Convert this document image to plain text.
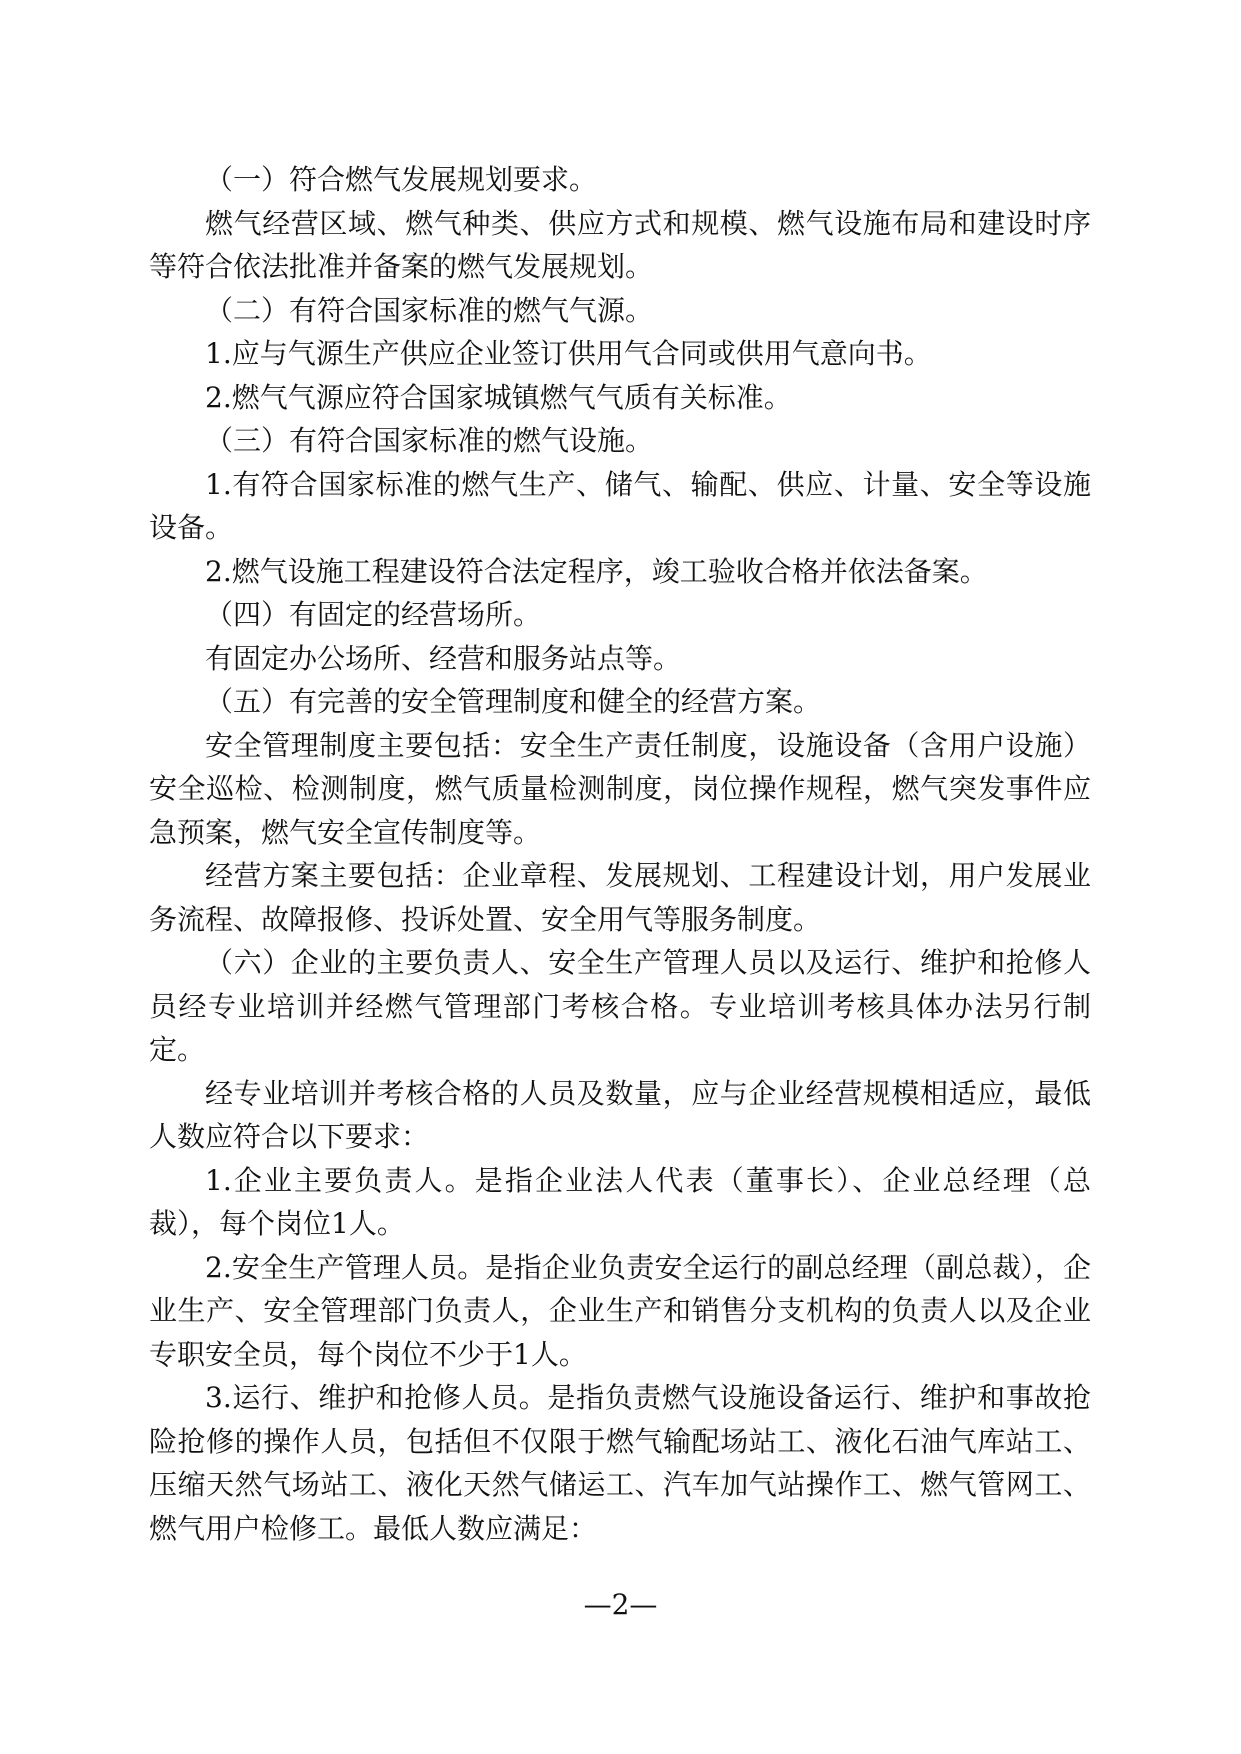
（一）符合燃气发展规划要求。

燃气经营区域、燃气种类、供应方式和规模、燃气设施布局和建设时序等符合依法批准并备案的燃气发展规划。

（二）有符合国家标准的燃气气源。

1.应与气源生产供应企业签订供用气合同或供用气意向书。

2.燃气气源应符合国家城镇燃气气质有关标准。

（三）有符合国家标准的燃气设施。

1.有符合国家标准的燃气生产、储气、输配、供应、计量、安全等设施设备。

2.燃气设施工程建设符合法定程序，竣工验收合格并依法备案。

（四）有固定的经营场所。

有固定办公场所、经营和服务站点等。

（五）有完善的安全管理制度和健全的经营方案。

安全管理制度主要包括：安全生产责任制度，设施设备（含用户设施）安全巡检、检测制度，燃气质量检测制度，岗位操作规程，燃气突发事件应急预案，燃气安全宣传制度等。

经营方案主要包括：企业章程、发展规划、工程建设计划，用户发展业务流程、故障报修、投诉处置、安全用气等服务制度。

（六）企业的主要负责人、安全生产管理人员以及运行、维护和抢修人员经专业培训并经燃气管理部门考核合格。专业培训考核具体办法另行制定。

经专业培训并考核合格的人员及数量，应与企业经营规模相适应，最低人数应符合以下要求：

1.企业主要负责人。是指企业法人代表（董事长）、企业总经理（总裁），每个岗位1人。

2.安全生产管理人员。是指企业负责安全运行的副总经理（副总裁），企业生产、安全管理部门负责人，企业生产和销售分支机构的负责人以及企业专职安全员，每个岗位不少于1人。

3.运行、维护和抢修人员。是指负责燃气设施设备运行、维护和事故抢险抢修的操作人员，包括但不仅限于燃气输配场站工、液化石油气库站工、压缩天然气场站工、液化天然气储运工、汽车加气站操作工、燃气管网工、燃气用户检修工。最低人数应满足：

—2—
